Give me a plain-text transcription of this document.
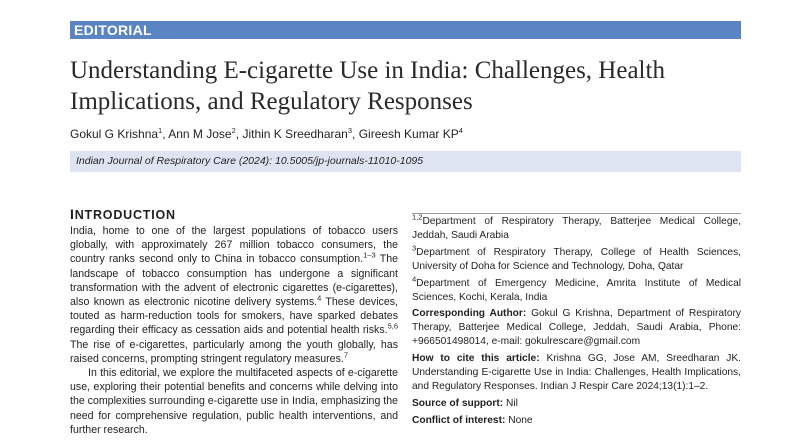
EDITORIAL
Understanding E-cigarette Use in India: Challenges, Health Implications, and Regulatory Responses
Gokul G Krishna$^1$, Ann M Jose$^2$, Jithin K Sreedharan$^3$, Gireesh Kumar $KP^4$
Indian Journal of Respiratory Care (2024): 10.5005/jp-journals-11010-1095
INTRODUCTION

India, home to one of the largest populations of tobacco users globally, with approximately 267 million tobacco consumers, the country ranks second only to China in tobacco consumption.$^{1-3}$ The landscape of tobacco consumption has undergone a significant transformation with the advent of electronic cigarettes (e-cigarettes), also known as electronic nicotine delivery systems.$^4$ These devices, touted as harm-reduction tools for smokers, have sparked debates regarding their efficacy as cessation aids and potential health risks.$^{5,6}$ The rise of e-cigarettes, particularly among the youth globally, has raised concerns, prompting stringent regulatory measures.$^7$

In this editorial, we explore the multifaceted aspects of e-cigarette use, exploring their potential benefits and concerns while delving into the complexities surrounding e-cigarette use in India, emphasizing the need for comprehensive regulation, public health interventions, and further research.

$^{1,2}$Department of Respiratory Therapy, Batterjee Medical College, Jeddah, Saudi Arabia

$^3$Department of Respiratory Therapy, College of Health Sciences, University of Doha for Science and Technology, Doha, Qatar

$^4$Department of Emergency Medicine, Amrita Institute of Medical Sciences, Kochi, Kerala, India

Corresponding Author: Gokul G Krishna, Department of Respiratory Therapy, Batterjee Medical College, Jeddah, Saudi Arabia, Phone: +966501498014, e-mail: gokulrescare@gmail.com

How to cite this article: Krishna GG, Jose AM, Sreedharan JK. Understanding E-cigarette Use in India: Challenges, Health Implications, and Regulatory Responses. Indian J Respir Care 2024;13(1):1–2.

Source of support: Nil

Conflict of interest: None
